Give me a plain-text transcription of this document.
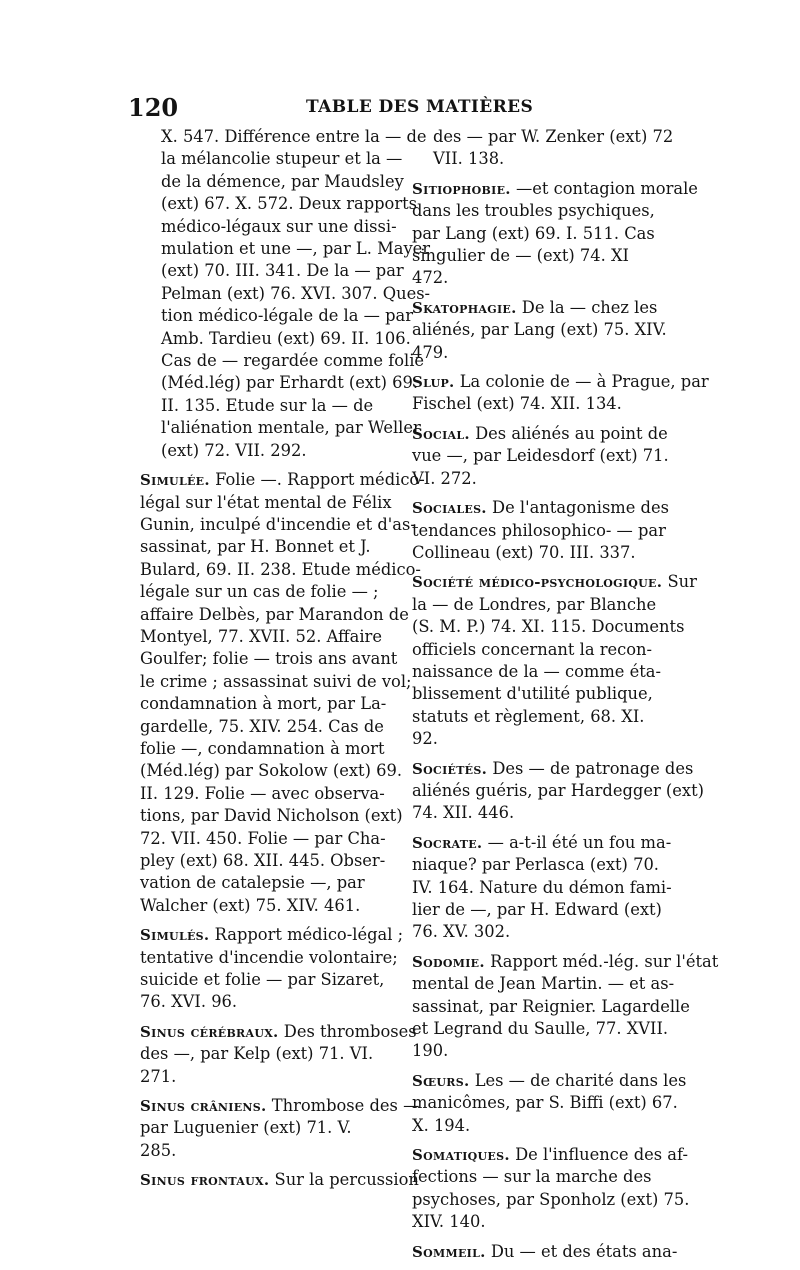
120	TABLE DES MATIÈRES
X. 547. Différence entre la — de
la mélancolie stupeur et la —
de la démence, par Maudsley
(ext) 67. X. 572. Deux rapports
médico-légaux sur une dissi-
mulation et une —, par L. Mayer
(ext) 70. III. 341. De la — par
Pelman (ext) 76. XVI. 307. Ques-
tion médico-légale de la — par
Amb. Tardieu (ext) 69. II. 106.
Cas de — regardée comme folie
(Méd.lég) par Erhardt (ext) 69.
II. 135. Etude sur la — de
l'aliénation mentale, par Weller
(ext) 72. VII. 292.
Simulée. Folie —. Rapport médico-
légal sur l'état mental de Félix
Gunin, inculpé d'incendie et d'as-
sassinat, par H. Bonnet et J.
Bulard, 69. II. 238. Etude médico-
légale sur un cas de folie — ;
affaire Delbès, par Marandon de
Montyel, 77. XVII. 52. Affaire
Goulfer; folie — trois ans avant
le crime ; assassinat suivi de vol;
condamnation à mort, par La-
gardelle, 75. XIV. 254. Cas de
folie —, condamnation à mort
(Méd.lég) par Sokolow (ext) 69.
II. 129. Folie — avec observa-
tions, par David Nicholson (ext)
72. VII. 450. Folie — par Cha-
pley (ext) 68. XII. 445. Obser-
vation de catalepsie —, par
Walcher (ext) 75. XIV. 461.
Simulés. Rapport médico-légal ;
tentative d'incendie volontaire;
suicide et folie — par Sizaret,
76. XVI. 96.
Sinus cérébraux. Des thromboses
des —, par Kelp (ext) 71. VI.
271.
Sinus crâniens. Thrombose des —
par Luguenier (ext) 71. V.
285.
Sinus frontaux. Sur la percussion
des — par W. Zenker (ext) 72
VII. 138.
Sitiophobie. —et contagion morale
dans les troubles psychiques,
par Lang (ext) 69. I. 511. Cas
singulier de — (ext) 74. XI
472.
Skatophagie. De la — chez les
aliénés, par Lang (ext) 75. XIV.
479.
Slup. La colonie de — à Prague, par
Fischel (ext) 74. XII. 134.
Social. Des aliénés au point de
vue —, par Leidesdorf (ext) 71.
VI. 272.
Sociales. De l'antagonisme des
tendances philosophico- — par
Collineau (ext) 70. III. 337.
Société médico-psychologique. Sur
la — de Londres, par Blanche
(S. M. P.) 74. XI. 115. Documents
officiels concernant la recon-
naissance de la — comme éta-
blissement d'utilité publique,
statuts et règlement, 68. XI.
92.
Sociétés. Des — de patronage des
aliénés guéris, par Hardegger (ext)
74. XII. 446.
Socrate. — a-t-il été un fou ma-
niaque? par Perlasca (ext) 70.
IV. 164. Nature du démon fami-
lier de —, par H. Edward (ext)
76. XV. 302.
Sodomie. Rapport méd.-lég. sur l'état
mental de Jean Martin. — et as-
sassinat, par Reignier. Lagardelle
et Legrand du Saulle, 77. XVII.
190.
Sœurs. Les — de charité dans les
manicômes, par S. Biffi (ext) 67.
X. 194.
Somatiques. De l'influence des af-
fections — sur la marche des
psychoses, par Sponholz (ext) 75.
XIV. 140.
Sommeil. Du — et des états ana-
